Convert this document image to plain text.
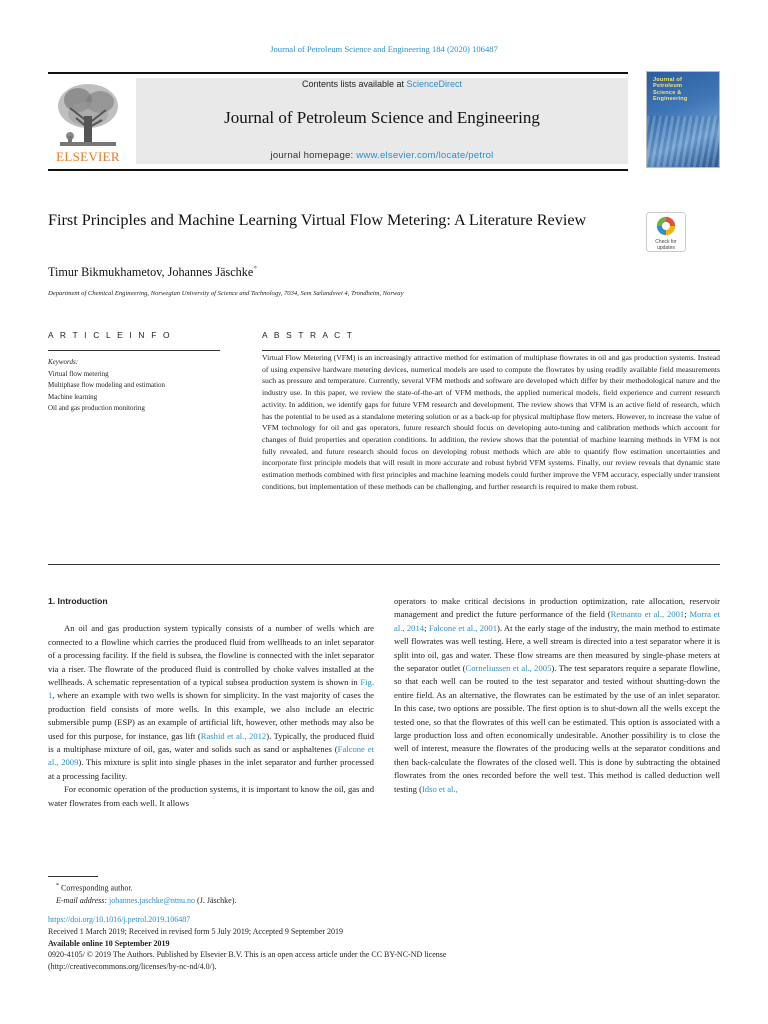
Journal of Petroleum Science and Engineering 184 (2020) 106487
Contents lists available at ScienceDirect
Journal of Petroleum Science and Engineering
journal homepage: www.elsevier.com/locate/petrol
ELSEVIER
Journal of
Petroleum
Science &
Engineering
First Principles and Machine Learning Virtual Flow Metering: A Literature Review
Check for
updates
Timur Bikmukhametov, Johannes Jäschke*
Department of Chemical Engineering, Norwegian University of Science and Technology, 7034, Sem Sælandsvei 4, Trondheim, Norway
A R T I C L E I N F O	A B S T R A C T
Keywords:
Virtual flow metering
Multiphase flow modeling and estimation
Machine learning
Oil and gas production monitoring
Virtual Flow Metering (VFM) is an increasingly attractive method for estimation of multiphase flowrates in oil and gas production systems. Instead of using expensive hardware metering devices, numerical models are used to compute the flowrates by using readily available field measurements such as pressure and temperature. Currently, several VFM methods and software are developed which differ by their methodological nature and the industry use. In this paper, we review the state-of-the-art of VFM methods, the applied numerical models, field experience and current research activity. In addition, we identify gaps for future VFM research and development. The review shows that VFM is an active field of research, which has the potential to be used as a standalone metering solution or as a back-up for physical multiphase flow meters. However, to increase the value of VFM technology for oil and gas operators, future research should focus on developing auto-tuning and calibration methods which account for changes of fluid properties and operation conditions. In addition, the review shows that the potential of machine learning methods in VFM is not fully revealed, and future research should focus on developing robust methods which are able to quantify flow estimation uncertainties and incorporate first principle models that will result in more accurate and robust hybrid VFM systems. Finally, our review reveals that dynamic state estimation methods combined with first principles and machine learning models could further improve the VFM accuracy, especially under transient conditions, but implementation of these methods can be challenging, and further research is required to make them robust.
1. Introduction

An oil and gas production system typically consists of a number of wells which are connected to a flowline which carries the produced fluid from wellheads to an inlet separator of a processing facility. If the field is subsea, the flowline is connected with the inlet separator via a riser. The flowrate of the produced fluid is controlled by choke valves installed at the wellheads. A schematic representation of a typical subsea production system is shown in Fig. 1, where an example with two wells is shown for simplicity. In the vast majority of cases the production field consists of more wells. In this example, we also include an electric submersible pump (ESP) as an example of artificial lift, however, other methods may also be used for this purpose, for instance, gas lift (Rashid et al., 2012). Typically, the produced fluid is a multiphase mixture of oil, gas, water and solids such as sand or asphaltenes (Falcone et al., 2009). This mixture is split into single phases in the inlet separator and further processed at a processing facility.

For economic operation of the production systems, it is important to know the oil, gas and water flowrates from each well. It allows

operators to make critical decisions in production optimization, rate allocation, reservoir management and predict the future performance of the field (Retnanto et al., 2001; Morra et al., 2014; Falcone et al., 2001). At the early stage of the industry, the main method to estimate well flowrates was well testing. Here, a well stream is directed into a test separator where it is split into oil, gas and water. These flow streams are then measured by single-phase meters at the separator outlet (Corneliussen et al., 2005). The test separators require a separate flowline, so that each well can be routed to the test separator and tested without shutting-down the entire field. As an alternative, the flowrates can be estimated by the use of an inlet separator. In this case, two options are possible. The first option is to shut-down all the wells except the tested one, so that the flowrates of this well can be estimated. This option is associated with a large production loss and often economically undesirable. Another possibility is to close the well of interest, measure the flowrates of the producing wells at the separator conditions and then back-calculate the flowrates of the closed well. This is done by subtracting the obtained flowrates from the ones recorded before the well test. This method is called deduction well testing (Idso et al.,

* Corresponding author.
E-mail address: johannes.jaschke@ntnu.no (J. Jäschke).
https://doi.org/10.1016/j.petrol.2019.106487
Received 1 March 2019; Received in revised form 5 July 2019; Accepted 9 September 2019
Available online 10 September 2019
0920-4105/ © 2019 The Authors. Published by Elsevier B.V. This is an open access article under the CC BY-NC-ND license
(http://creativecommons.org/licenses/by-nc-nd/4.0/).
